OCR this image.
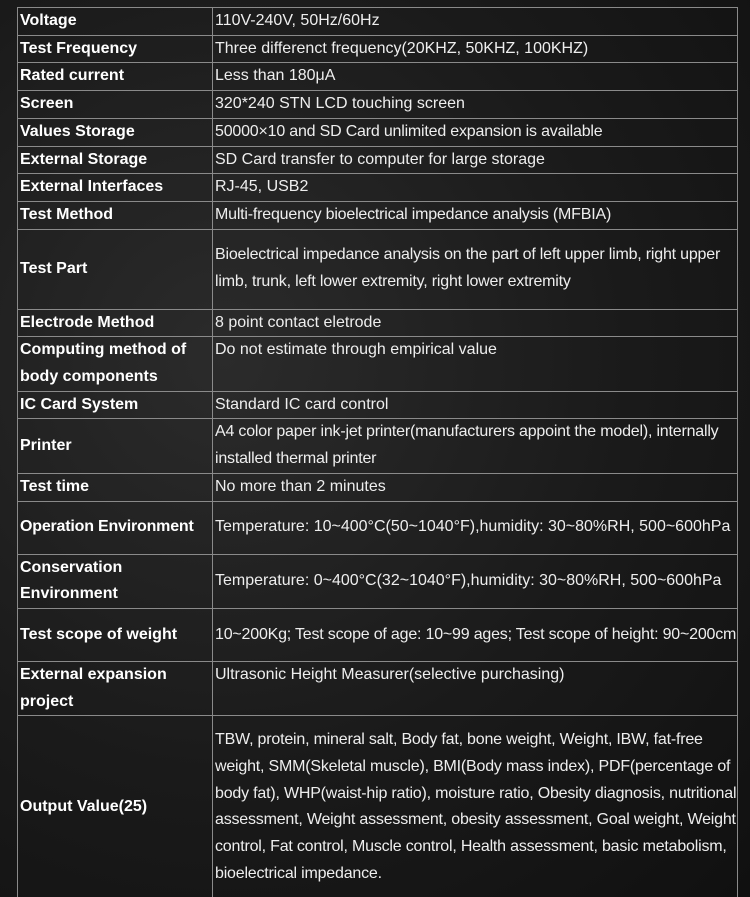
Voltage	110V-240V, 50Hz/60Hz
Test Frequency	Three differenct frequency(20KHZ, 50KHZ, 100KHZ)
Rated current	Less than 180μA
Screen	320*240 STN LCD touching screen
Values Storage	50000×10 and SD Card unlimited expansion is available
External Storage	SD Card transfer to computer for large storage
External Interfaces	RJ-45, USB2
Test Method	Multi-frequency bioelectrical impedance analysis (MFBIA)
Test Part	Bioelectrical impedance analysis on the part of left upper limb, right upper limb, trunk, left lower extremity, right lower extremity
Electrode Method	8 point contact eletrode
Computing method of body components	Do not estimate through empirical value
IC Card System	Standard IC card control
Printer	A4 color paper ink-jet printer(manufacturers appoint the model), internally installed thermal printer
Test time	No more than 2 minutes
Operation Environment	Temperature: 10~400°C(50~1040°F),humidity: 30~80%RH, 500~600hPa
Conservation Environment	Temperature: 0~400°C(32~1040°F),humidity: 30~80%RH, 500~600hPa
Test scope of weight	10~200Kg; Test scope of age: 10~99 ages; Test scope of height: 90~200cm
External expansion project	Ultrasonic Height Measurer(selective purchasing)
Output Value(25)	TBW, protein, mineral salt, Body fat, bone weight, Weight, IBW, fat-free weight, SMM(Skeletal muscle), BMI(Body mass index), PDF(percentage of body fat), WHP(waist-hip ratio), moisture ratio, Obesity diagnosis, nutritional assessment, Weight assessment, obesity assessment, Goal weight, Weight control, Fat control, Muscle control, Health assessment, basic metabolism, bioelectrical impedance.
